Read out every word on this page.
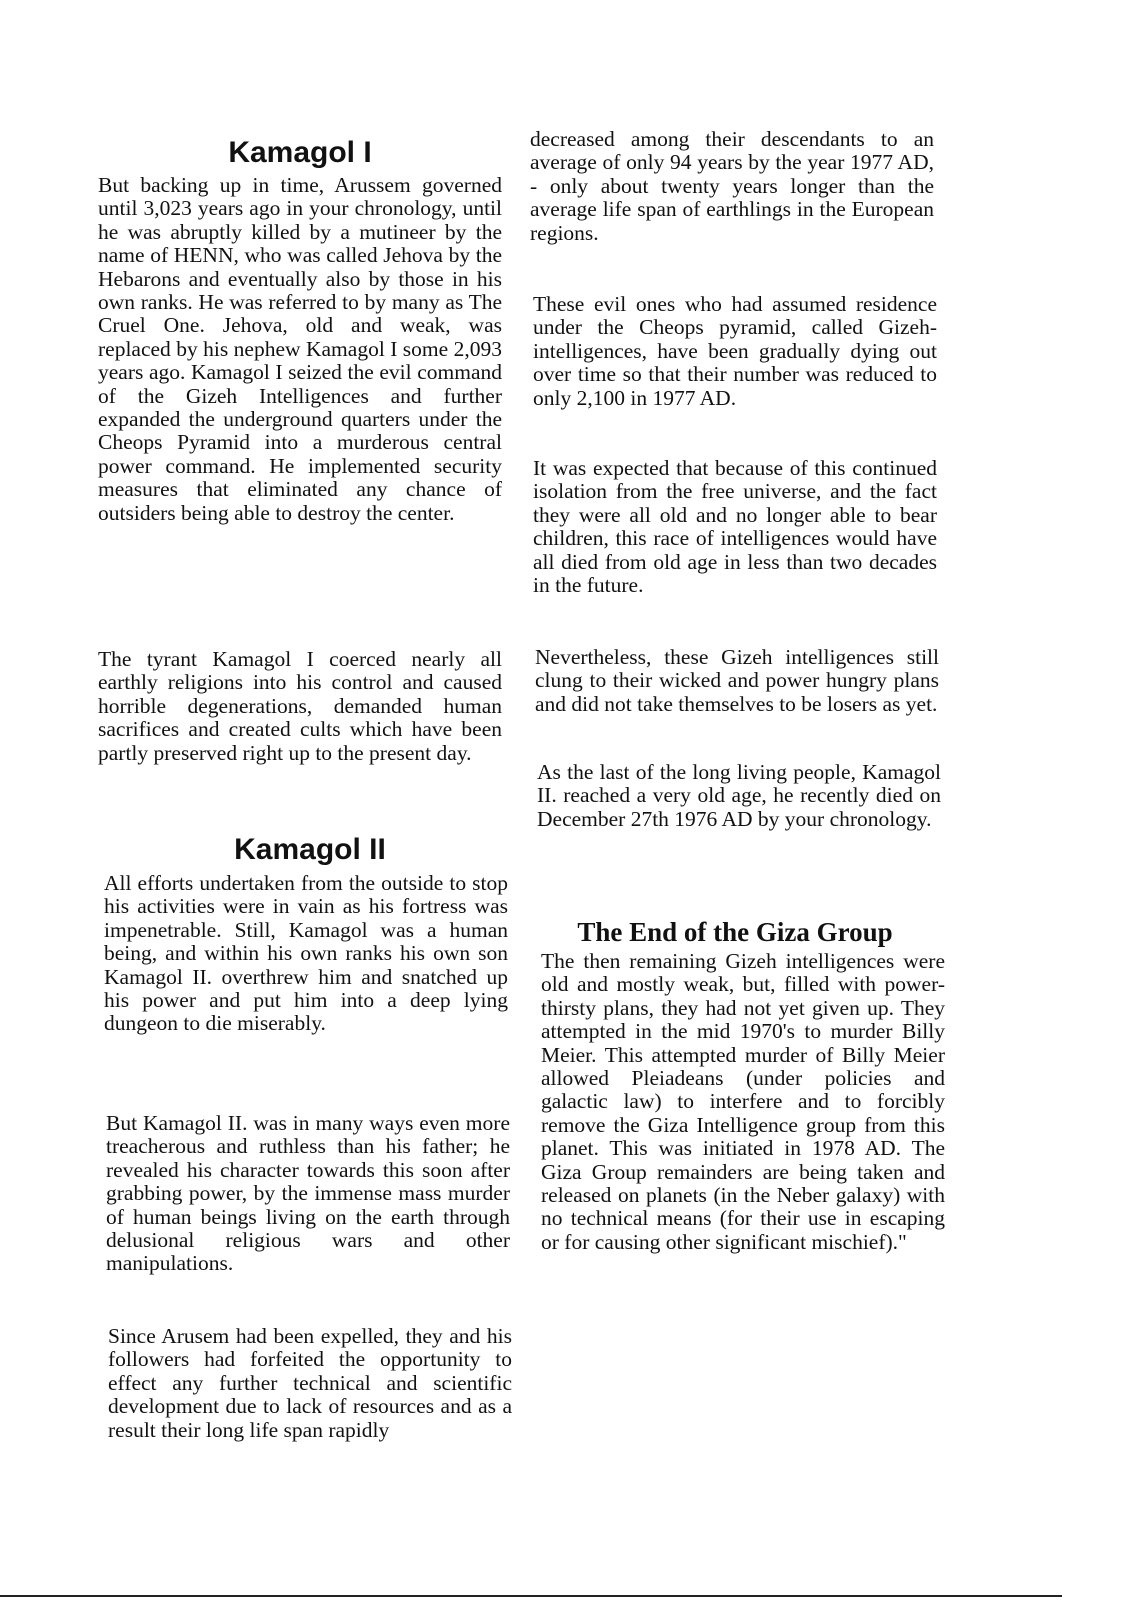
Kamagol I

But backing up in time, Arussem governed until 3,023 years ago in your chronology, until he was abruptly killed by a mutineer by the name of HENN, who was called Jehova by the Hebarons and eventually also by those in his own ranks. He was referred to by many as The Cruel One. Jehova, old and weak, was replaced by his nephew Kamagol I some 2,093 years ago. Kamagol I seized the evil command of the Gizeh Intelligences and further expanded the underground quarters under the Cheops Pyramid into a murderous central power command. He implemented security measures that eliminated any chance of outsiders being able to destroy the center.

The tyrant Kamagol I coerced nearly all earthly religions into his control and caused horrible degenerations, demanded human sacrifices and created cults which have been partly preserved right up to the present day.

Kamagol II

All efforts undertaken from the outside to stop his activities were in vain as his fortress was impenetrable. Still, Kamagol was a human being, and within his own ranks his own son Kamagol II. overthrew him and snatched up his power and put him into a deep lying dungeon to die miserably.

But Kamagol II. was in many ways even more treacherous and ruthless than his father; he revealed his character towards this soon after grabbing power, by the immense mass murder of human beings living on the earth through delusional religious wars and other manipulations.

Since Arusem had been expelled, they and his followers had forfeited the opportunity to effect any further technical and scientific development due to lack of resources and as a result their long life span rapidly

decreased among their descendants to an average of only 94 years by the year 1977 AD, - only about twenty years longer than the average life span of earthlings in the European regions.

These evil ones who had assumed residence under the Cheops pyramid, called Gizeh-intelligences, have been gradually dying out over time so that their number was reduced to only 2,100 in 1977 AD.

It was expected that because of this continued isolation from the free universe, and the fact they were all old and no longer able to bear children, this race of intelligences would have all died from old age in less than two decades in the future.

Nevertheless, these Gizeh intelligences still clung to their wicked and power hungry plans and did not take themselves to be losers as yet.

As the last of the long living people, Kamagol II. reached a very old age, he recently died on December 27th 1976 AD by your chronology.

The End of the Giza Group

The then remaining Gizeh intelligences were old and mostly weak, but, filled with power-thirsty plans, they had not yet given up. They attempted in the mid 1970's to murder Billy Meier. This attempted murder of Billy Meier allowed Pleiadeans (under policies and galactic law) to interfere and to forcibly remove the Giza Intelligence group from this planet. This was initiated in 1978 AD. The Giza Group remainders are being taken and released on planets (in the Neber galaxy) with no technical means (for their use in escaping or for causing other significant mischief)."
